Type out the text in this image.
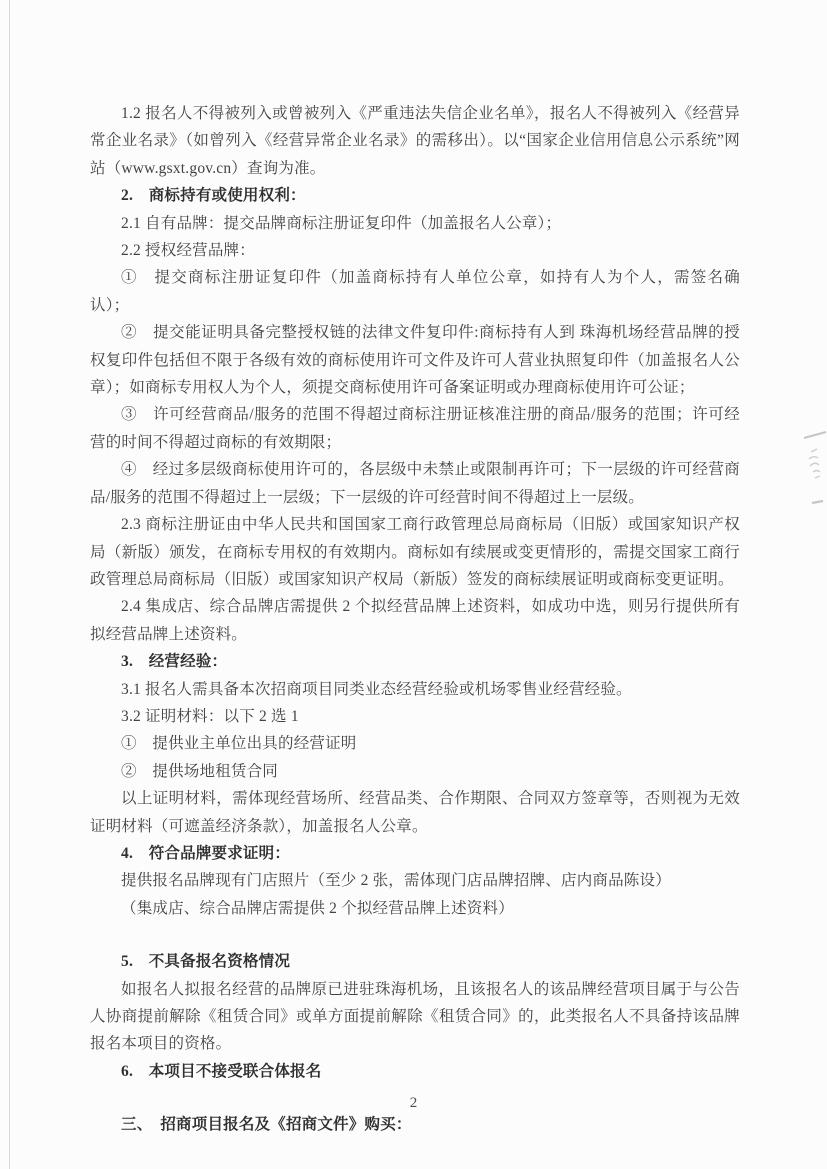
1.2 报名人不得被列入或曾被列入《严重违法失信企业名单》，报名人不得被列入《经营异常企业名录》（如曾列入《经营异常企业名录》的需移出）。以“国家企业信用信息公示系统”网站（www.gsxt.gov.cn）查询为准。

2.　商标持有或使用权利：

2.1 自有品牌：提交品牌商标注册证复印件（加盖报名人公章）；

2.2 授权经营品牌：

①　提交商标注册证复印件（加盖商标持有人单位公章，如持有人为个人，需签名确认）；

②　提交能证明具备完整授权链的法律文件复印件:商标持有人到 珠海机场经营品牌的授权复印件包括但不限于各级有效的商标使用许可文件及许可人营业执照复印件（加盖报名人公章）；如商标专用权人为个人，须提交商标使用许可备案证明或办理商标使用许可公证；

③　许可经营商品/服务的范围不得超过商标注册证核准注册的商品/服务的范围；许可经营的时间不得超过商标的有效期限；

④　经过多层级商标使用许可的，各层级中未禁止或限制再许可；下一层级的许可经营商品/服务的范围不得超过上一层级；下一层级的许可经营时间不得超过上一层级。

2.3 商标注册证由中华人民共和国国家工商行政管理总局商标局（旧版）或国家知识产权局（新版）颁发，在商标专用权的有效期内。商标如有续展或变更情形的，需提交国家工商行政管理总局商标局（旧版）或国家知识产权局（新版）签发的商标续展证明或商标变更证明。

2.4 集成店、综合品牌店需提供 2 个拟经营品牌上述资料，如成功中选，则另行提供所有拟经营品牌上述资料。

3.　经营经验：

3.1 报名人需具备本次招商项目同类业态经营经验或机场零售业经营经验。

3.2 证明材料：以下 2 选 1

①　提供业主单位出具的经营证明

②　提供场地租赁合同

以上证明材料，需体现经营场所、经营品类、合作期限、合同双方签章等，否则视为无效证明材料（可遮盖经济条款），加盖报名人公章。

4.　符合品牌要求证明：

提供报名品牌现有门店照片（至少 2 张，需体现门店品牌招牌、店内商品陈设）

（集成店、综合品牌店需提供 2 个拟经营品牌上述资料）

5.　不具备报名资格情况

如报名人拟报名经营的品牌原已进驻珠海机场，且该报名人的该品牌经营项目属于与公告人协商提前解除《租赁合同》或单方面提前解除《租赁合同》的，此类报名人不具备持该品牌报名本项目的资格。

6.　本项目不接受联合体报名

三、　招商项目报名及《招商文件》购买：

2
